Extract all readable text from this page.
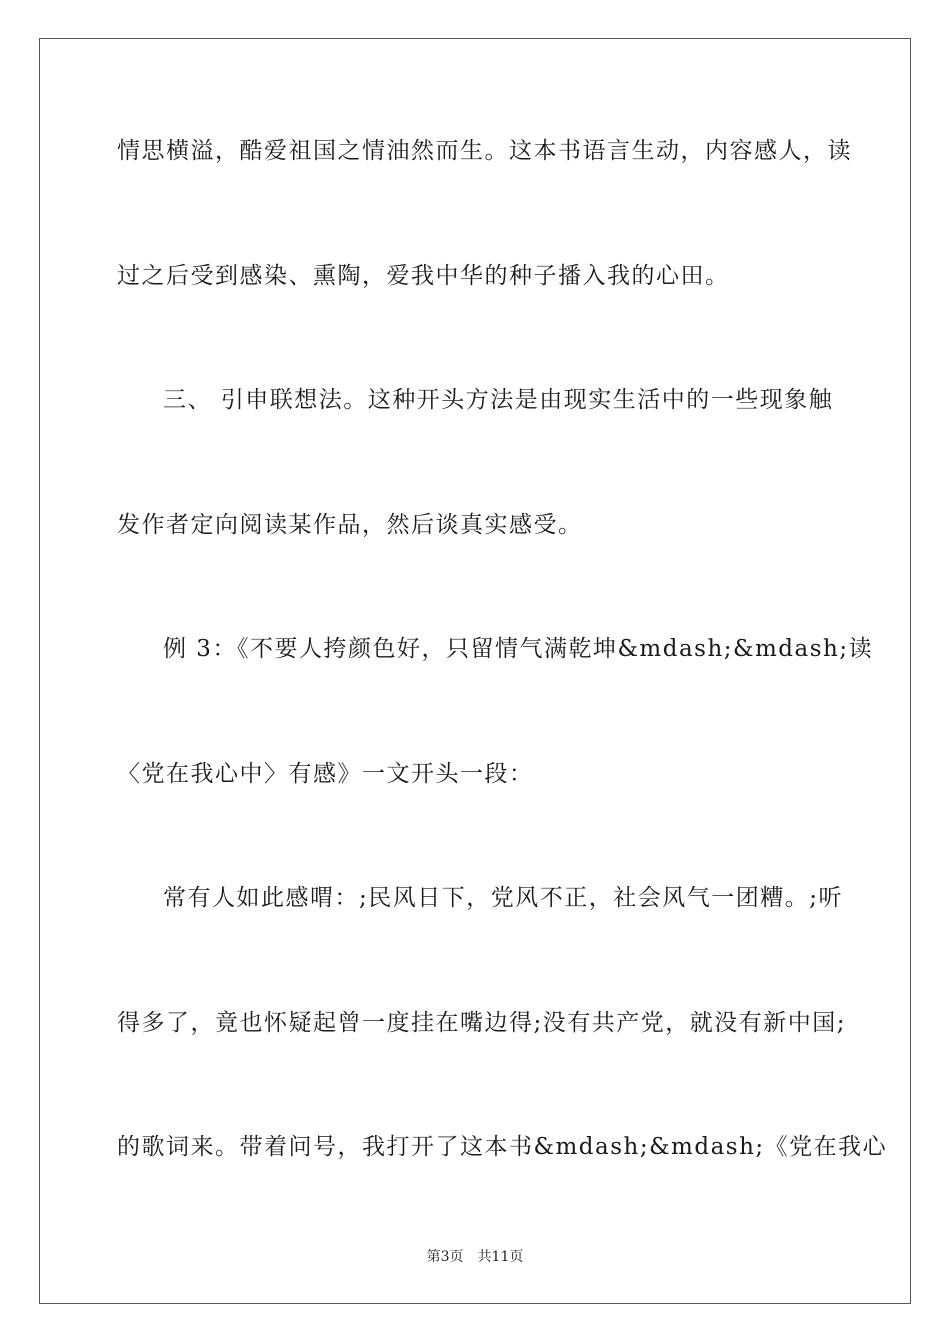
情思横溢，酷爱祖国之情油然而生。这本书语言生动，内容感人，读
过之后受到感染、熏陶，爱我中华的种子播入我的心田。
三、 引申联想法。这种开头方法是由现实生活中的一些现象触
发作者定向阅读某作品，然后谈真实感受。
例 3：《不要人挎颜色好，只留情气满乾坤&mdash;&mdash;读
〈党在我心中〉有感》一文开头一段：
常有人如此感喟：;民风日下，党风不正，社会风气一团糟。;听
得多了，竟也怀疑起曾一度挂在嘴边得;没有共产党，就没有新中国;
的歌词来。带着问号，我打开了这本书&mdash;&mdash;《党在我心
第3页　共11页
